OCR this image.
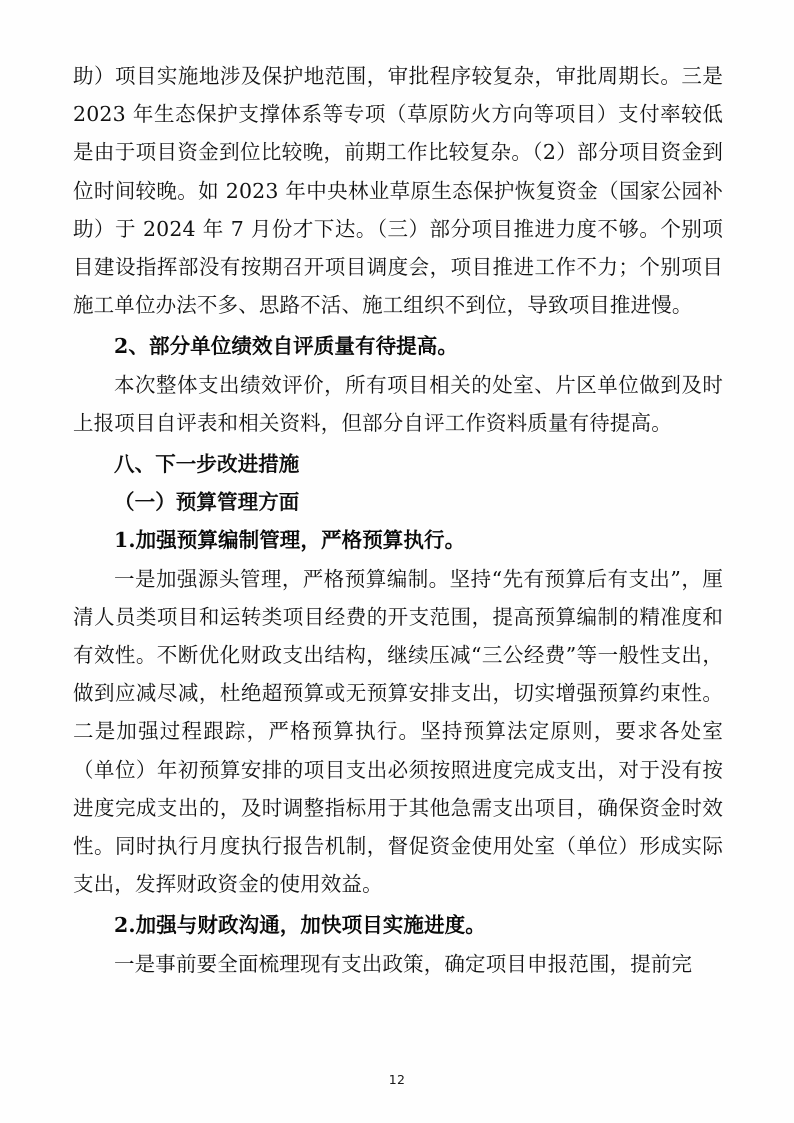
助）项目实施地涉及保护地范围，审批程序较复杂，审批周期长。三是 2023 年生态保护支撑体系等专项（草原防火方向等项目）支付率较低是由于项目资金到位比较晚，前期工作比较复杂。（2）部分项目资金到位时间较晚。如 2023 年中央林业草原生态保护恢复资金（国家公园补助）于 2024 年 7 月份才下达。（三）部分项目推进力度不够。个别项目建设指挥部没有按期召开项目调度会，项目推进工作不力；个别项目施工单位办法不多、思路不活、施工组织不到位，导致项目推进慢。

2、部分单位绩效自评质量有待提高。

本次整体支出绩效评价，所有项目相关的处室、片区单位做到及时上报项目自评表和相关资料，但部分自评工作资料质量有待提高。

八、下一步改进措施

（一）预算管理方面

1.加强预算编制管理，严格预算执行。

一是加强源头管理，严格预算编制。坚持“先有预算后有支出”，厘清人员类项目和运转类项目经费的开支范围，提高预算编制的精准度和有效性。不断优化财政支出结构，继续压减“三公经费”等一般性支出，做到应减尽减，杜绝超预算或无预算安排支出，切实增强预算约束性。二是加强过程跟踪，严格预算执行。坚持预算法定原则，要求各处室（单位）年初预算安排的项目支出必须按照进度完成支出，对于没有按进度完成支出的，及时调整指标用于其他急需支出项目，确保资金时效性。同时执行月度执行报告机制，督促资金使用处室（单位）形成实际支出，发挥财政资金的使用效益。

2.加强与财政沟通，加快项目实施进度。

一是事前要全面梳理现有支出政策，确定项目申报范围，提前完

12
